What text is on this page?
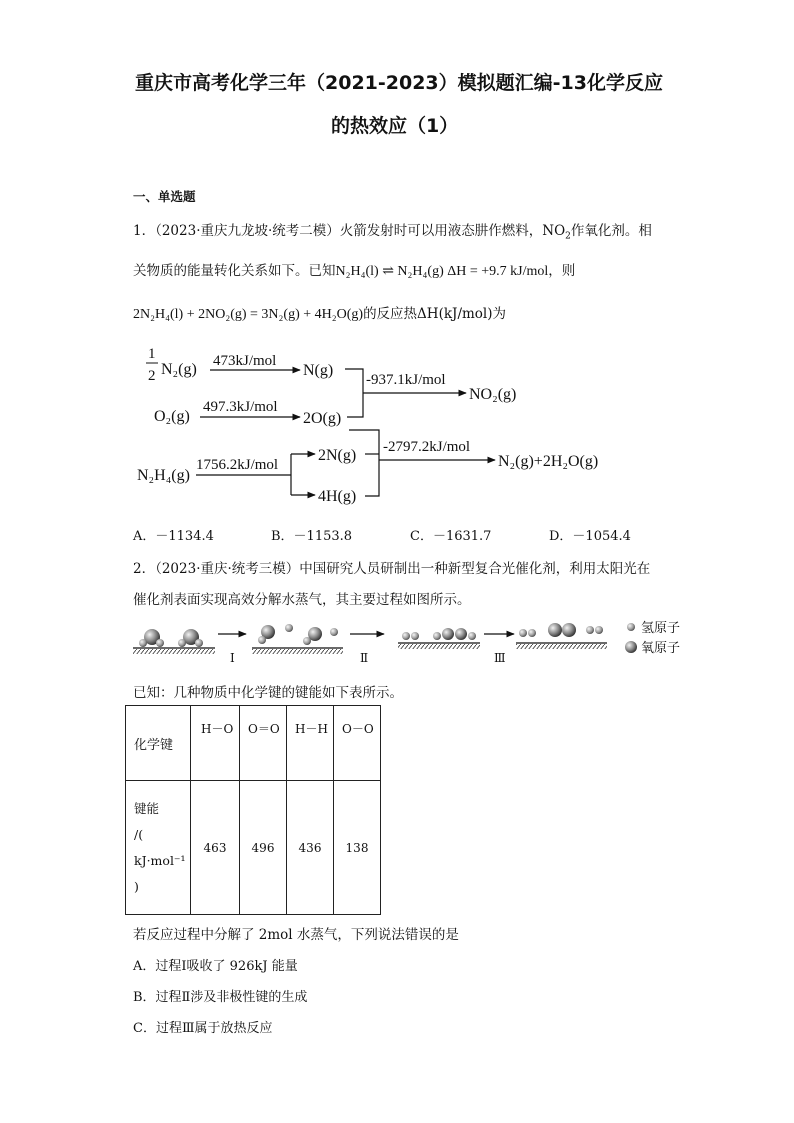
重庆市高考化学三年（2021-2023）模拟题汇编-13化学反应
的热效应（1）
一、单选题
1．（2023·重庆九龙坡·统考二模）火箭发射时可以用液态肼作燃料，$NO_2$作氧化剂。相
关物质的能量转化关系如下。已知N₂H₄(l) ⇌ N₂H₄(g) ΔH = +9.7 kJ/mol，则
2N₂H₄(l) + 2NO₂(g) = 3N₂(g) + 4H₂O(g)的反应热ΔH(kJ/mol)为
1
2 N₂(g) 473kJ/mol
N(g)
O₂(g)
497.3kJ/mol
2O(g)
-937.1kJ/mol
NO₂(g)
N₂H₄(g)
1756.2kJ/mol
2N(g)
4H(g)
-2797.2kJ/mol
N₂(g)+2H₂O(g)
A．－1134.4	B．－1153.8	C．－1631.7	D．－1054.4
2．（2023·重庆·统考三模）中国研究人员研制出一种新型复合光催化剂，利用太阳光在
催化剂表面实现高效分解水蒸气，其主要过程如图所示。
Ⅰ	Ⅱ	Ⅲ
氢原子
氧原子
已知：几种物质中化学键的键能如下表所示。
化学键	H－O	O＝O	H－H	O－O

键能
/(
kJ·mol⁻¹
)	463	496	436	138
若反应过程中分解了 2mol 水蒸气，下列说法错误的是
A．过程Ⅰ吸收了 926kJ 能量
B．过程Ⅱ涉及非极性键的生成
C．过程Ⅲ属于放热反应
